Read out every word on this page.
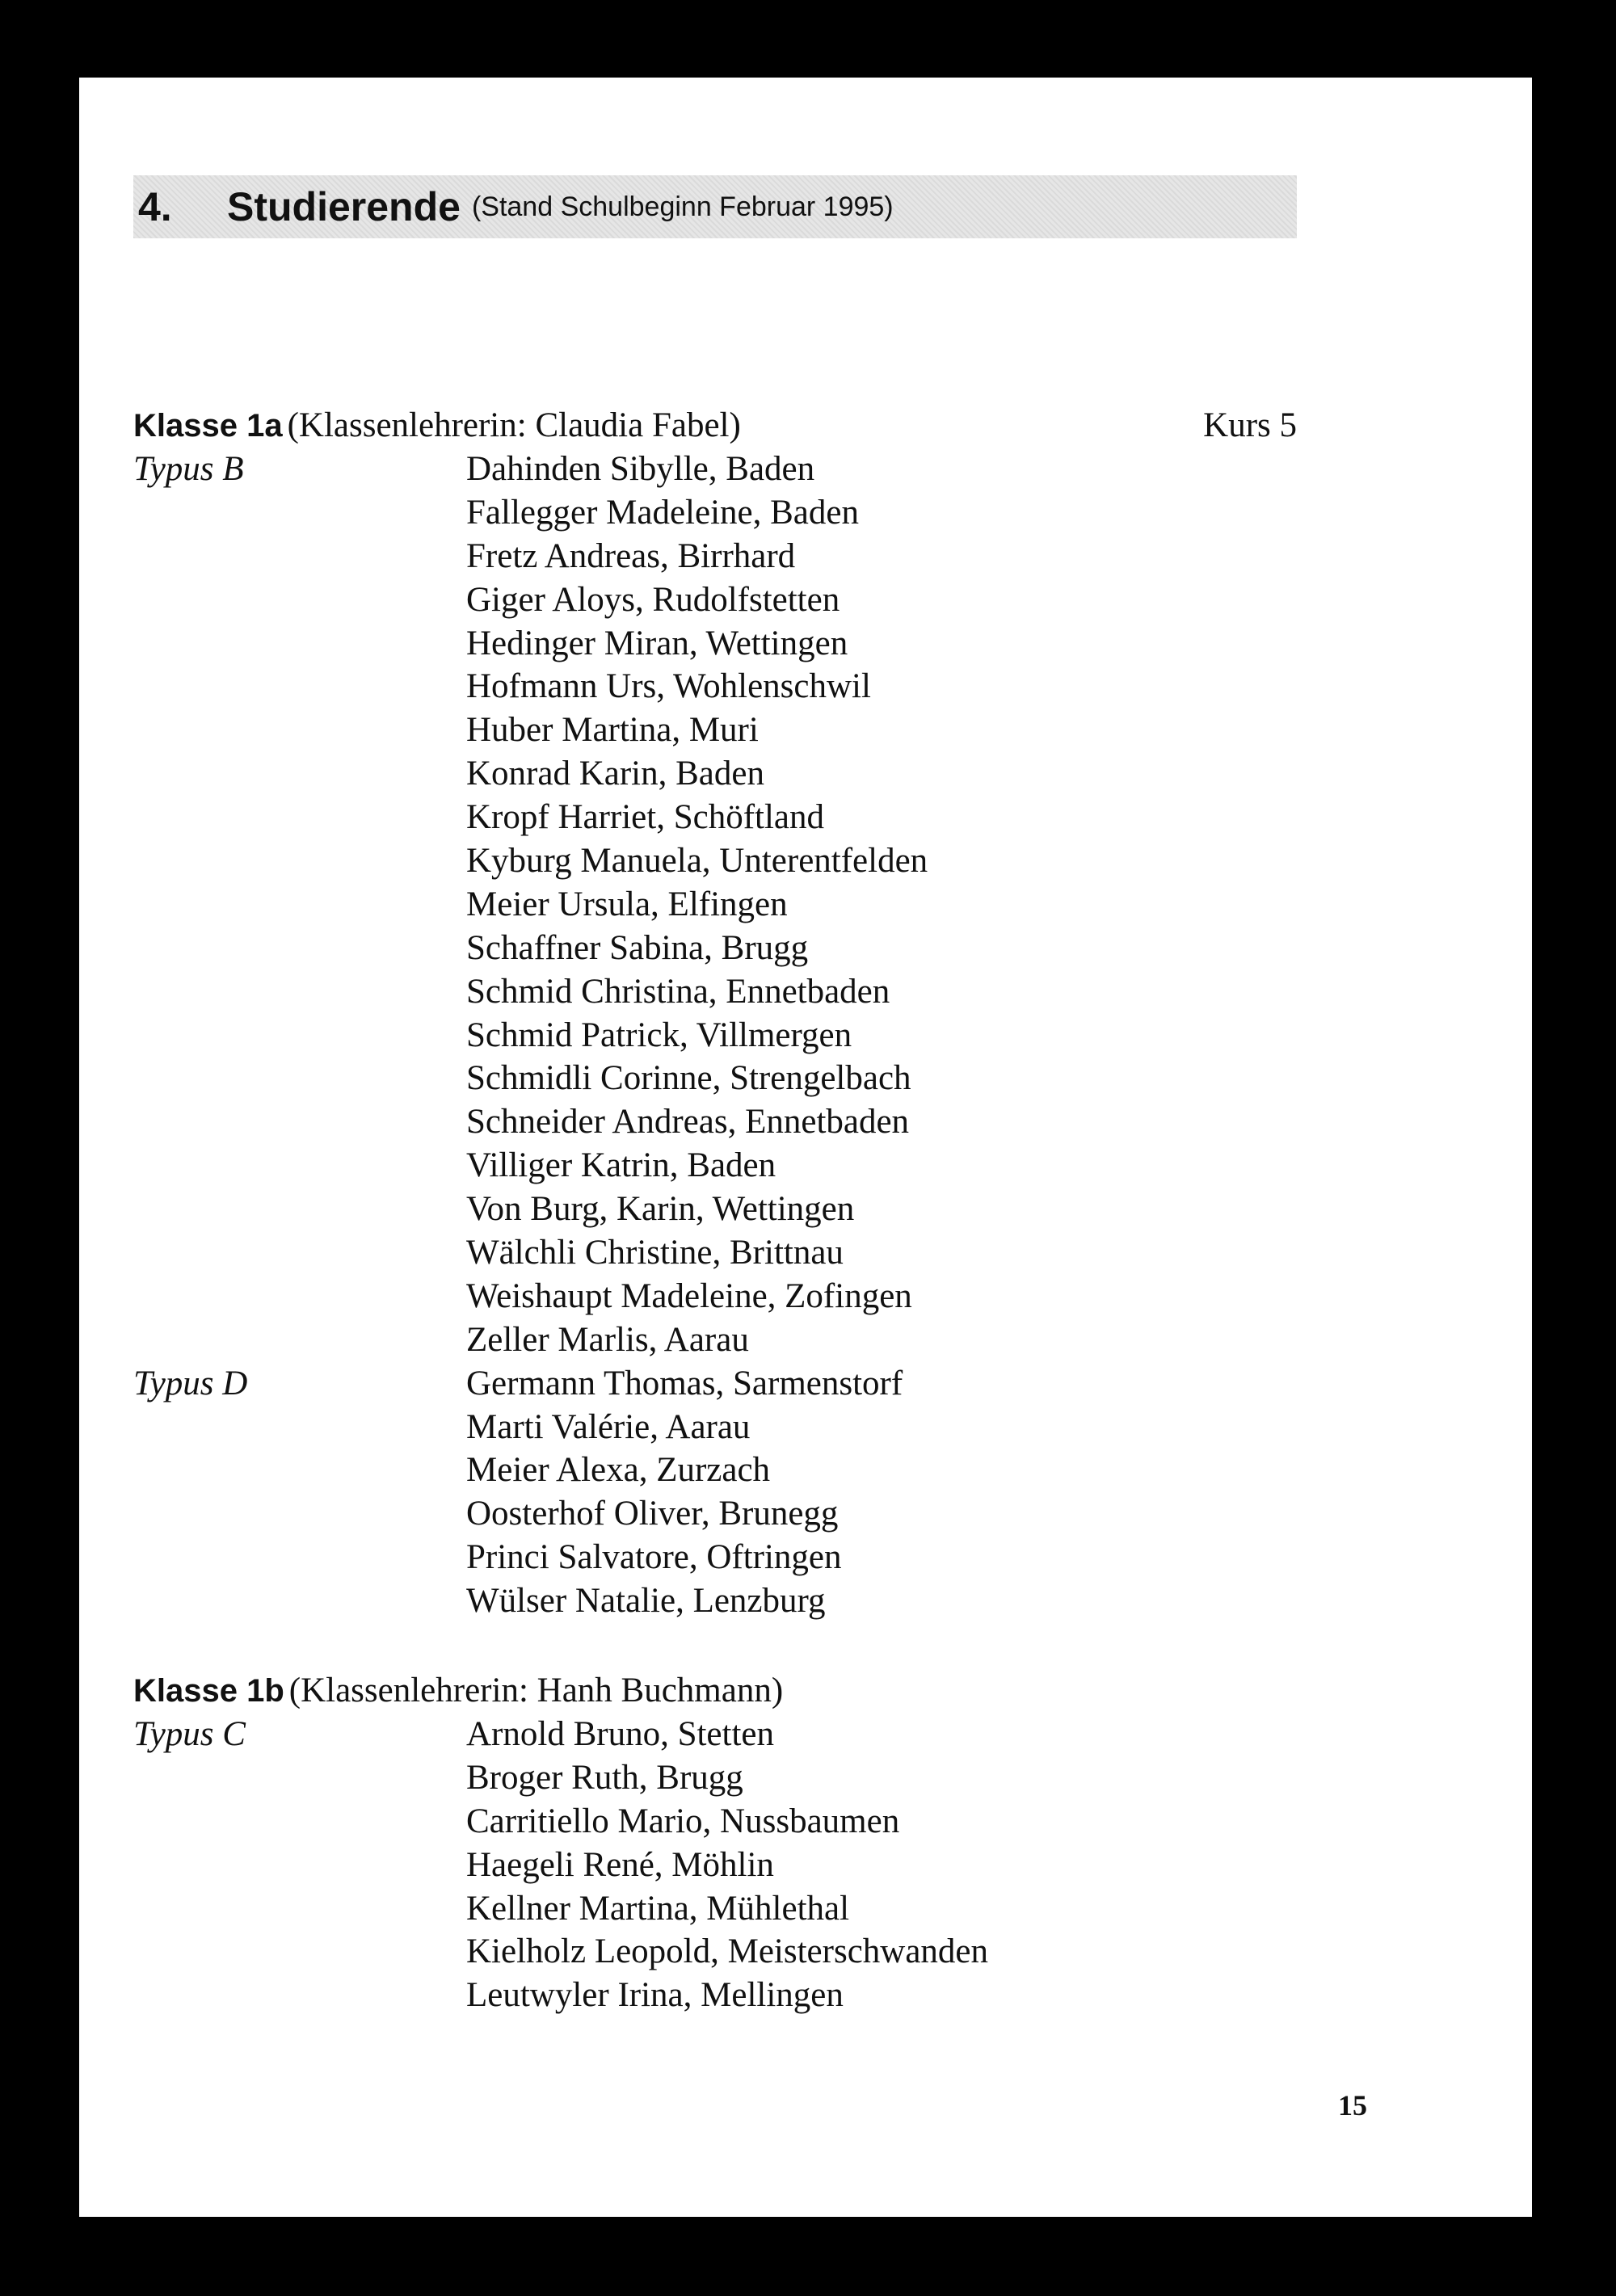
4.	Studierende (Stand Schulbeginn Februar 1995)
Klasse 1a (Klassenlehrerin: Claudia Fabel)	Kurs 5
Typus B	Dahinden Sibylle, Baden
Fallegger Madeleine, Baden
Fretz Andreas, Birrhard
Giger Aloys, Rudolfstetten
Hedinger Miran, Wettingen
Hofmann Urs, Wohlenschwil
Huber Martina, Muri
Konrad Karin, Baden
Kropf Harriet, Schöftland
Kyburg Manuela, Unterentfelden
Meier Ursula, Elfingen
Schaffner Sabina, Brugg
Schmid Christina, Ennetbaden
Schmid Patrick, Villmergen
Schmidli Corinne, Strengelbach
Schneider Andreas, Ennetbaden
Villiger Katrin, Baden
Von Burg, Karin, Wettingen
Wälchli Christine, Brittnau
Weishaupt Madeleine, Zofingen
Zeller Marlis, Aarau
Typus D	Germann Thomas, Sarmenstorf
Marti Valérie, Aarau
Meier Alexa, Zurzach
Oosterhof Oliver, Brunegg
Princi Salvatore, Oftringen
Wülser Natalie, Lenzburg
Klasse 1b (Klassenlehrerin: Hanh Buchmann)
Typus C	Arnold Bruno, Stetten
Broger Ruth, Brugg
Carritiello Mario, Nussbaumen
Haegeli René, Möhlin
Kellner Martina, Mühlethal
Kielholz Leopold, Meisterschwanden
Leutwyler Irina, Mellingen
15
